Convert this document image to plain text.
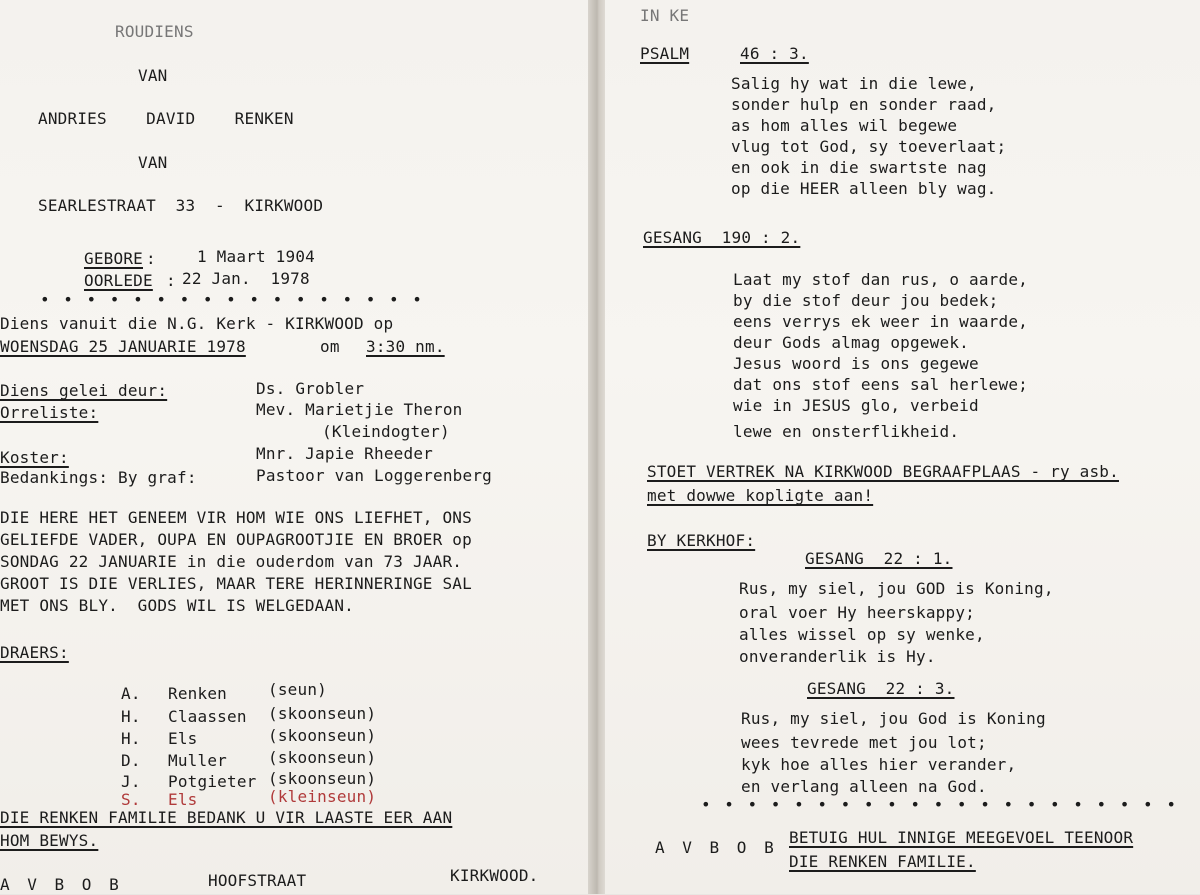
ROUDIENS
VAN
ANDRIES    DAVID    RENKEN
VAN
SEARLESTRAAT  33  -  KIRKWOOD
GEBORE :	1 Maart 1904
OORLEDE : 22 Jan.  1978
• • • • • • • • • • • • • • • • •
Diens vanuit die N.G. Kerk - KIRKWOOD op
WOENSDAG 25 JANUARIE 1978	om 3:30 nm.
Diens gelei deur:	Ds. Grobler
Orreliste:	Mev. Marietjie Theron
(Kleindogter)
Koster:	Mnr. Japie Rheeder
Bedankings: By graf:	Pastoor van Loggerenberg
DIE HERE HET GENEEM VIR HOM WIE ONS LIEFHET, ONS
GELIEFDE VADER, OUPA EN OUPAGROOTJIE EN BROER op
SONDAG 22 JANUARIE in die ouderdom van 73 JAAR.
GROOT IS DIE VERLIES, MAAR TERE HERINNERINGE SAL
MET ONS BLY.  GODS WIL IS WELGEDAAN.
DRAERS:
A. Renken	(seun)
H. Claassen (skoonseun)
H. Els	(skoonseun)
D. Muller	(skoonseun)
J. Potgieter (skoonseun)
S. Els	(kleinseun)
DIE RENKEN FAMILIE BEDANK U VIR LAASTE EER AAN
HOM BEWYS.
A V B O B	HOOFSTRAAT	KIRKWOOD.
IN KE
PSALM	46 : 3.
Salig hy wat in die lewe,
sonder hulp en sonder raad,
as hom alles wil begewe
vlug tot God, sy toeverlaat;
en ook in die swartste nag
op die HEER alleen bly wag.
GESANG  190 : 2.
Laat my stof dan rus, o aarde,
by die stof deur jou bedek;
eens verrys ek weer in waarde,
deur Gods almag opgewek.
Jesus woord is ons gegewe
dat ons stof eens sal herlewe;
wie in JESUS glo, verbeid
lewe en onsterflikheid.
STOET VERTREK NA KIRKWOOD BEGRAAFPLAAS - ry asb.
met dowwe kopligte aan!
BY KERKHOF:
GESANG  22 : 1.
Rus, my siel, jou GOD is Koning,
oral voer Hy heerskappy;
alles wissel op sy wenke,
onveranderlik is Hy.
GESANG  22 : 3.
Rus, my siel, jou God is Koning
wees tevrede met jou lot;
kyk hoe alles hier verander,
en verlang alleen na God.
• • • • • • • • • • • • • • • • • • • • •
A V B O B
BETUIG HUL INNIGE MEEGEVOEL TEENOOR
DIE RENKEN FAMILIE.
